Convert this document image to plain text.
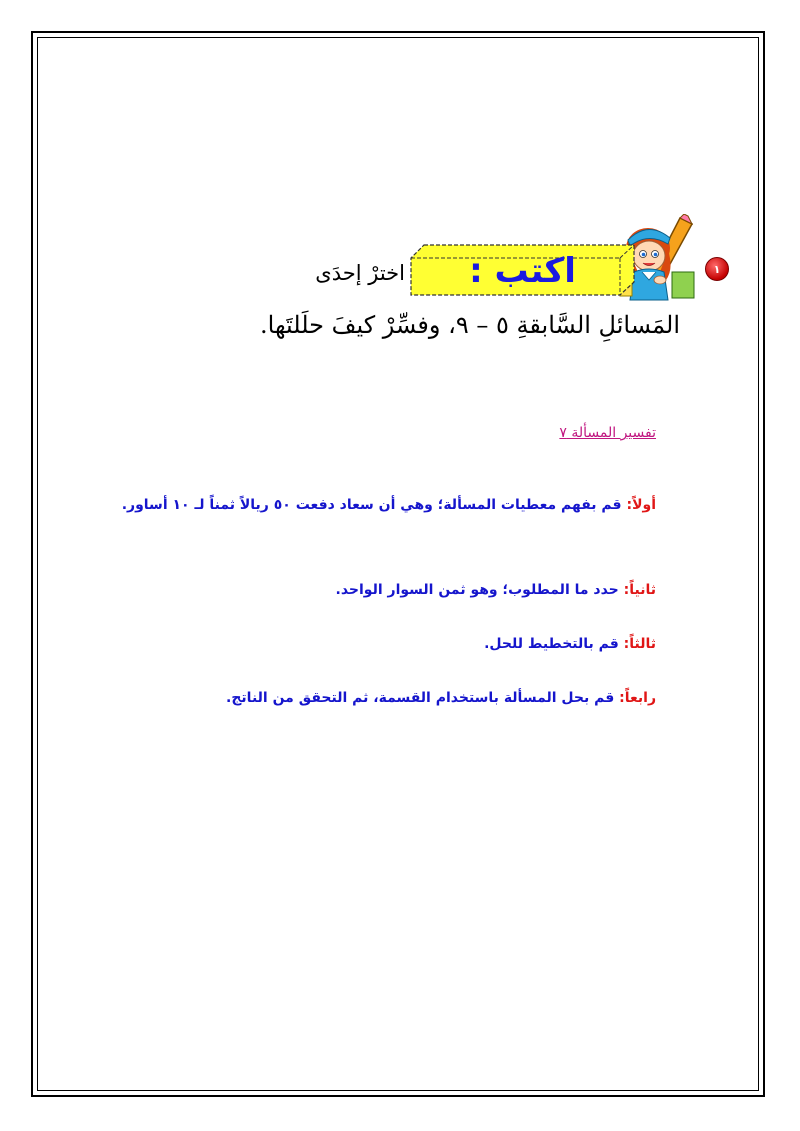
١
اكتب :
اخترْ إحدَى
المَسائلِ السَّابقةِ ٥ – ٩، وفسِّرْ كيفَ حلَلتَها.
تفسير المسألة ٧
أولاً: قم بفهم معطيات المسألة؛ وهي أن سعاد دفعت ٥٠ ريالاً ثمناً لـ ١٠ أساور.
ثانياً: حدد ما المطلوب؛ وهو ثمن السوار الواحد.
ثالثاً: قم بالتخطيط للحل.
رابعاً: قم بحل المسألة باستخدام القسمة، ثم التحقق من الناتج.
